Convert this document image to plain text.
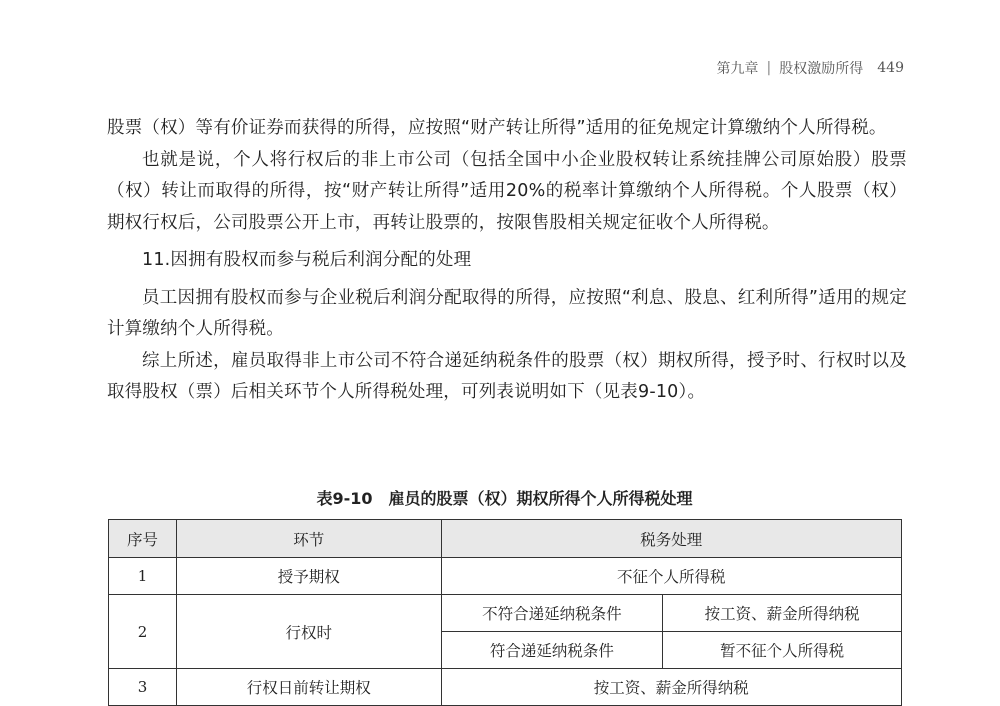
第九章 | 股权激励所得 449

股票（权）等有价证券而获得的所得，应按照“财产转让所得”适用的征免规定计算缴纳个人所得税。

也就是说，个人将行权后的非上市公司（包括全国中小企业股权转让系统挂牌公司原始股）股票（权）转让而取得的所得，按“财产转让所得”适用20%的税率计算缴纳个人所得税。个人股票（权）期权行权后，公司股票公开上市，再转让股票的，按限售股相关规定征收个人所得税。

11.因拥有股权而参与税后利润分配的处理

员工因拥有股权而参与企业税后利润分配取得的所得，应按照“利息、股息、红利所得”适用的规定计算缴纳个人所得税。

综上所述，雇员取得非上市公司不符合递延纳税条件的股票（权）期权所得，授予时、行权时以及取得股权（票）后相关环节个人所得税处理，可列表说明如下（见表9-10）。

表9-10　雇员的股票（权）期权所得个人所得税处理
序号	环节	税务处理	
1	授予期权	不征个人所得税	
2	行权时	不符合递延纳税条件	按工资、薪金所得纳税
		符合递延纳税条件	暂不征个人所得税
3	行权日前转让期权	按工资、薪金所得纳税	
